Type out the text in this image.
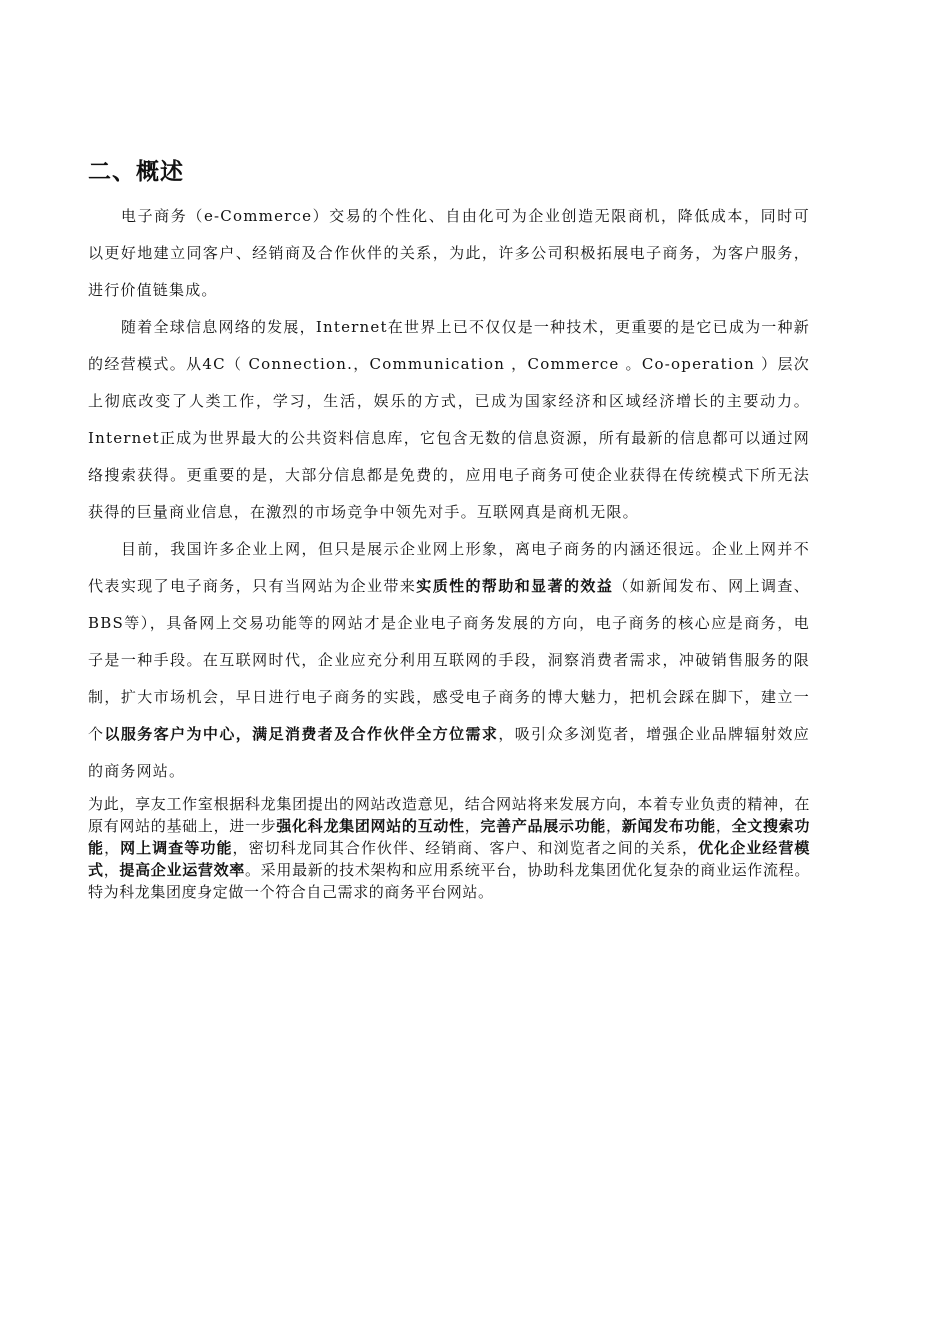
二、概述

电子商务（e-Commerce）交易的个性化、自由化可为企业创造无限商机，降低成本，同时可以更好地建立同客户、经销商及合作伙伴的关系，为此，许多公司积极拓展电子商务，为客户服务，进行价值链集成。

随着全球信息网络的发展，Internet在世界上已不仅仅是一种技术，更重要的是它已成为一种新的经营模式。从4C（ Connection.，Communication ，Commerce 。Co-operation ）层次上彻底改变了人类工作，学习，生活，娱乐的方式，已成为国家经济和区域经济增长的主要动力。Internet正成为世界最大的公共资料信息库，它包含无数的信息资源，所有最新的信息都可以通过网络搜索获得。更重要的是，大部分信息都是免费的，应用电子商务可使企业获得在传统模式下所无法获得的巨量商业信息，在激烈的市场竞争中领先对手。互联网真是商机无限。

目前，我国许多企业上网，但只是展示企业网上形象，离电子商务的内涵还很远。企业上网并不代表实现了电子商务，只有当网站为企业带来实质性的帮助和显著的效益（如新闻发布、网上调查、BBS等），具备网上交易功能等的网站才是企业电子商务发展的方向，电子商务的核心应是商务，电子是一种手段。在互联网时代，企业应充分利用互联网的手段，洞察消费者需求，冲破销售服务的限制，扩大市场机会，早日进行电子商务的实践，感受电子商务的博大魅力，把机会踩在脚下，建立一个以服务客户为中心，满足消费者及合作伙伴全方位需求，吸引众多浏览者，增强企业品牌辐射效应的商务网站。

为此，享友工作室根据科龙集团提出的网站改造意见，结合网站将来发展方向，本着专业负责的精神，在原有网站的基础上，进一步强化科龙集团网站的互动性，完善产品展示功能，新闻发布功能，全文搜索功能，网上调查等功能，密切科龙同其合作伙伴、经销商、客户、和浏览者之间的关系，优化企业经营模式，提高企业运营效率。采用最新的技术架构和应用系统平台，协助科龙集团优化复杂的商业运作流程。特为科龙集团度身定做一个符合自己需求的商务平台网站。
